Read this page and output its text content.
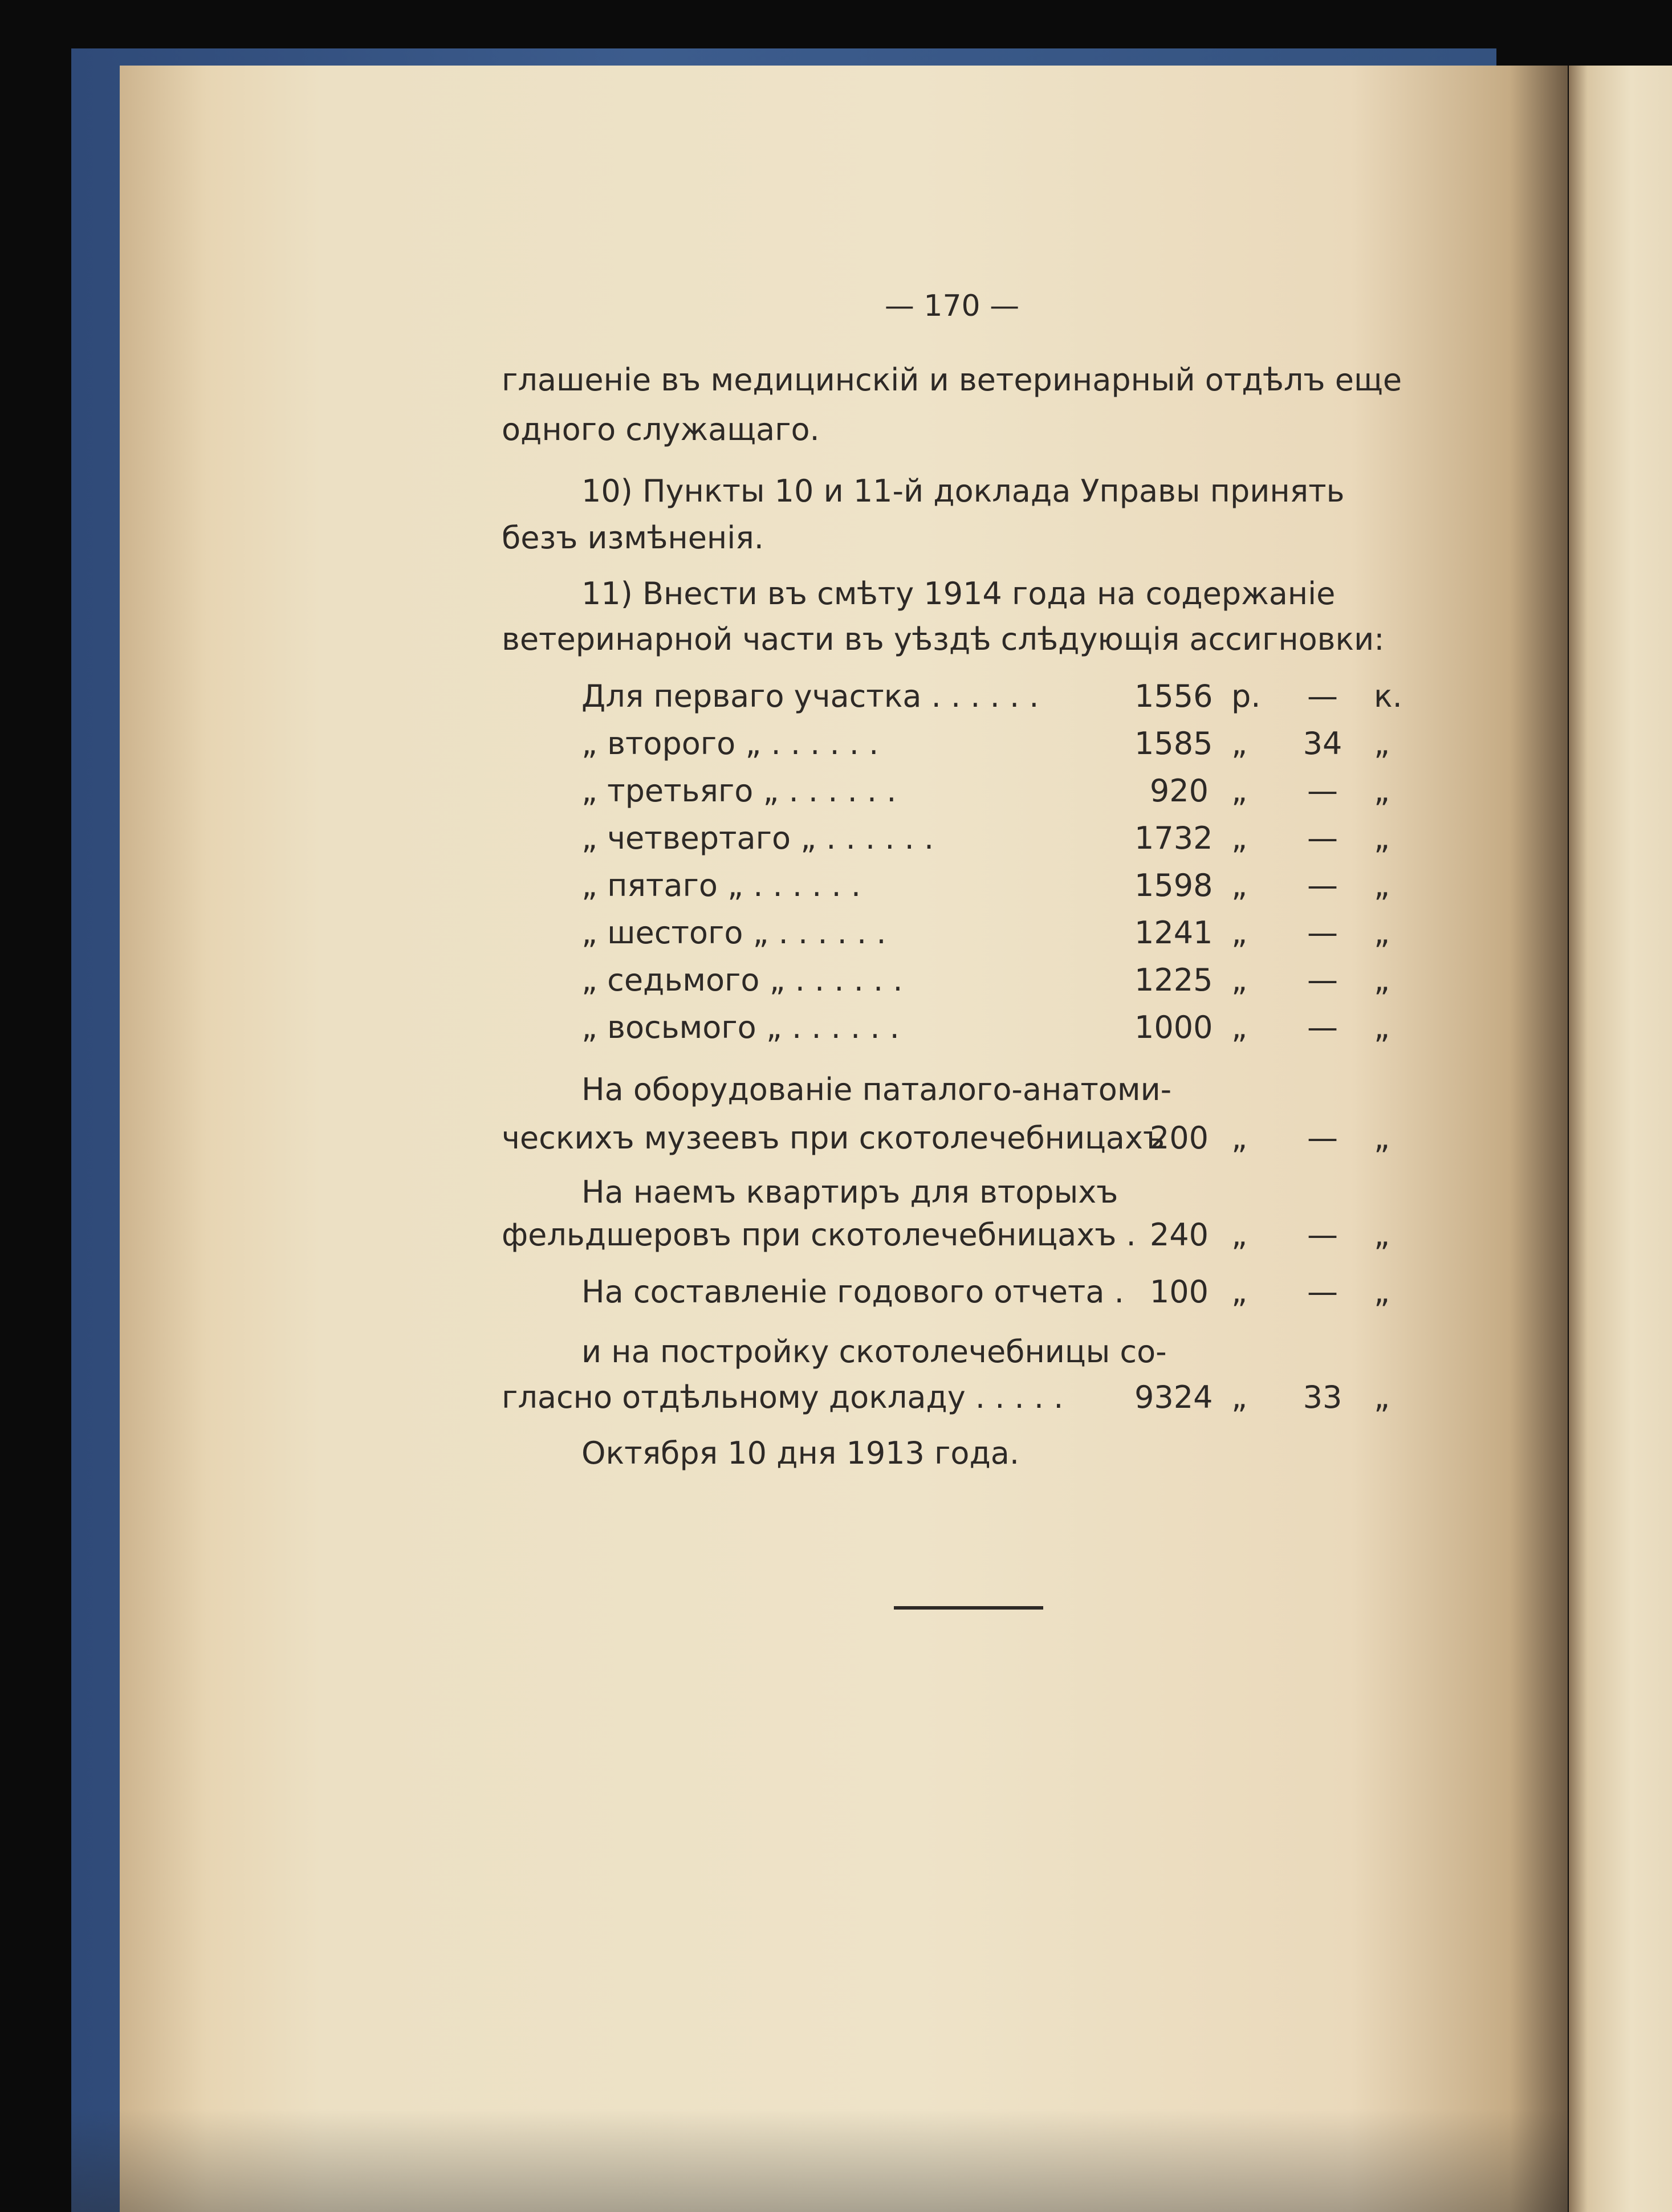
— 170 —
глашеніе въ медицинскій и ветеринарный отдѣлъ еще
одного служащаго.
10) Пункты 10 и 11-й доклада Управы принять
безъ измѣненія.
11) Внести въ смѣту 1914 года на содержаніе
ветеринарной части въ уѣздѣ слѣдующія ассигновки:
Для перваго участка . . . . . .	1556 р. — к.
„ второго „ . . . . . .	1585 „ 34 „
„ третьяго „ . . . . . .	920 „ — „
„ четвертаго „ . . . . . .	1732 „ — „
„ пятаго „ . . . . . .	1598 „ — „
„ шестого „ . . . . . .	1241 „ — „
„ седьмого „ . . . . . .	1225 „ — „
„ восьмого „ . . . . . .	1000 „ — „
На оборудованіе паталого-анатоми-
ческихъ музеевъ при скотолечебницахъ
200 „ — „
На наемъ квартиръ для вторыхъ
фельдшеровъ при скотолечебницахъ . 240 „ — „
На составленіе годового отчета . 100 „ — „
и на постройку скотолечебницы со-
гласно отдѣльному докладу . . . . . 9324 „ 33 „
Октября 10 дня 1913 года.
